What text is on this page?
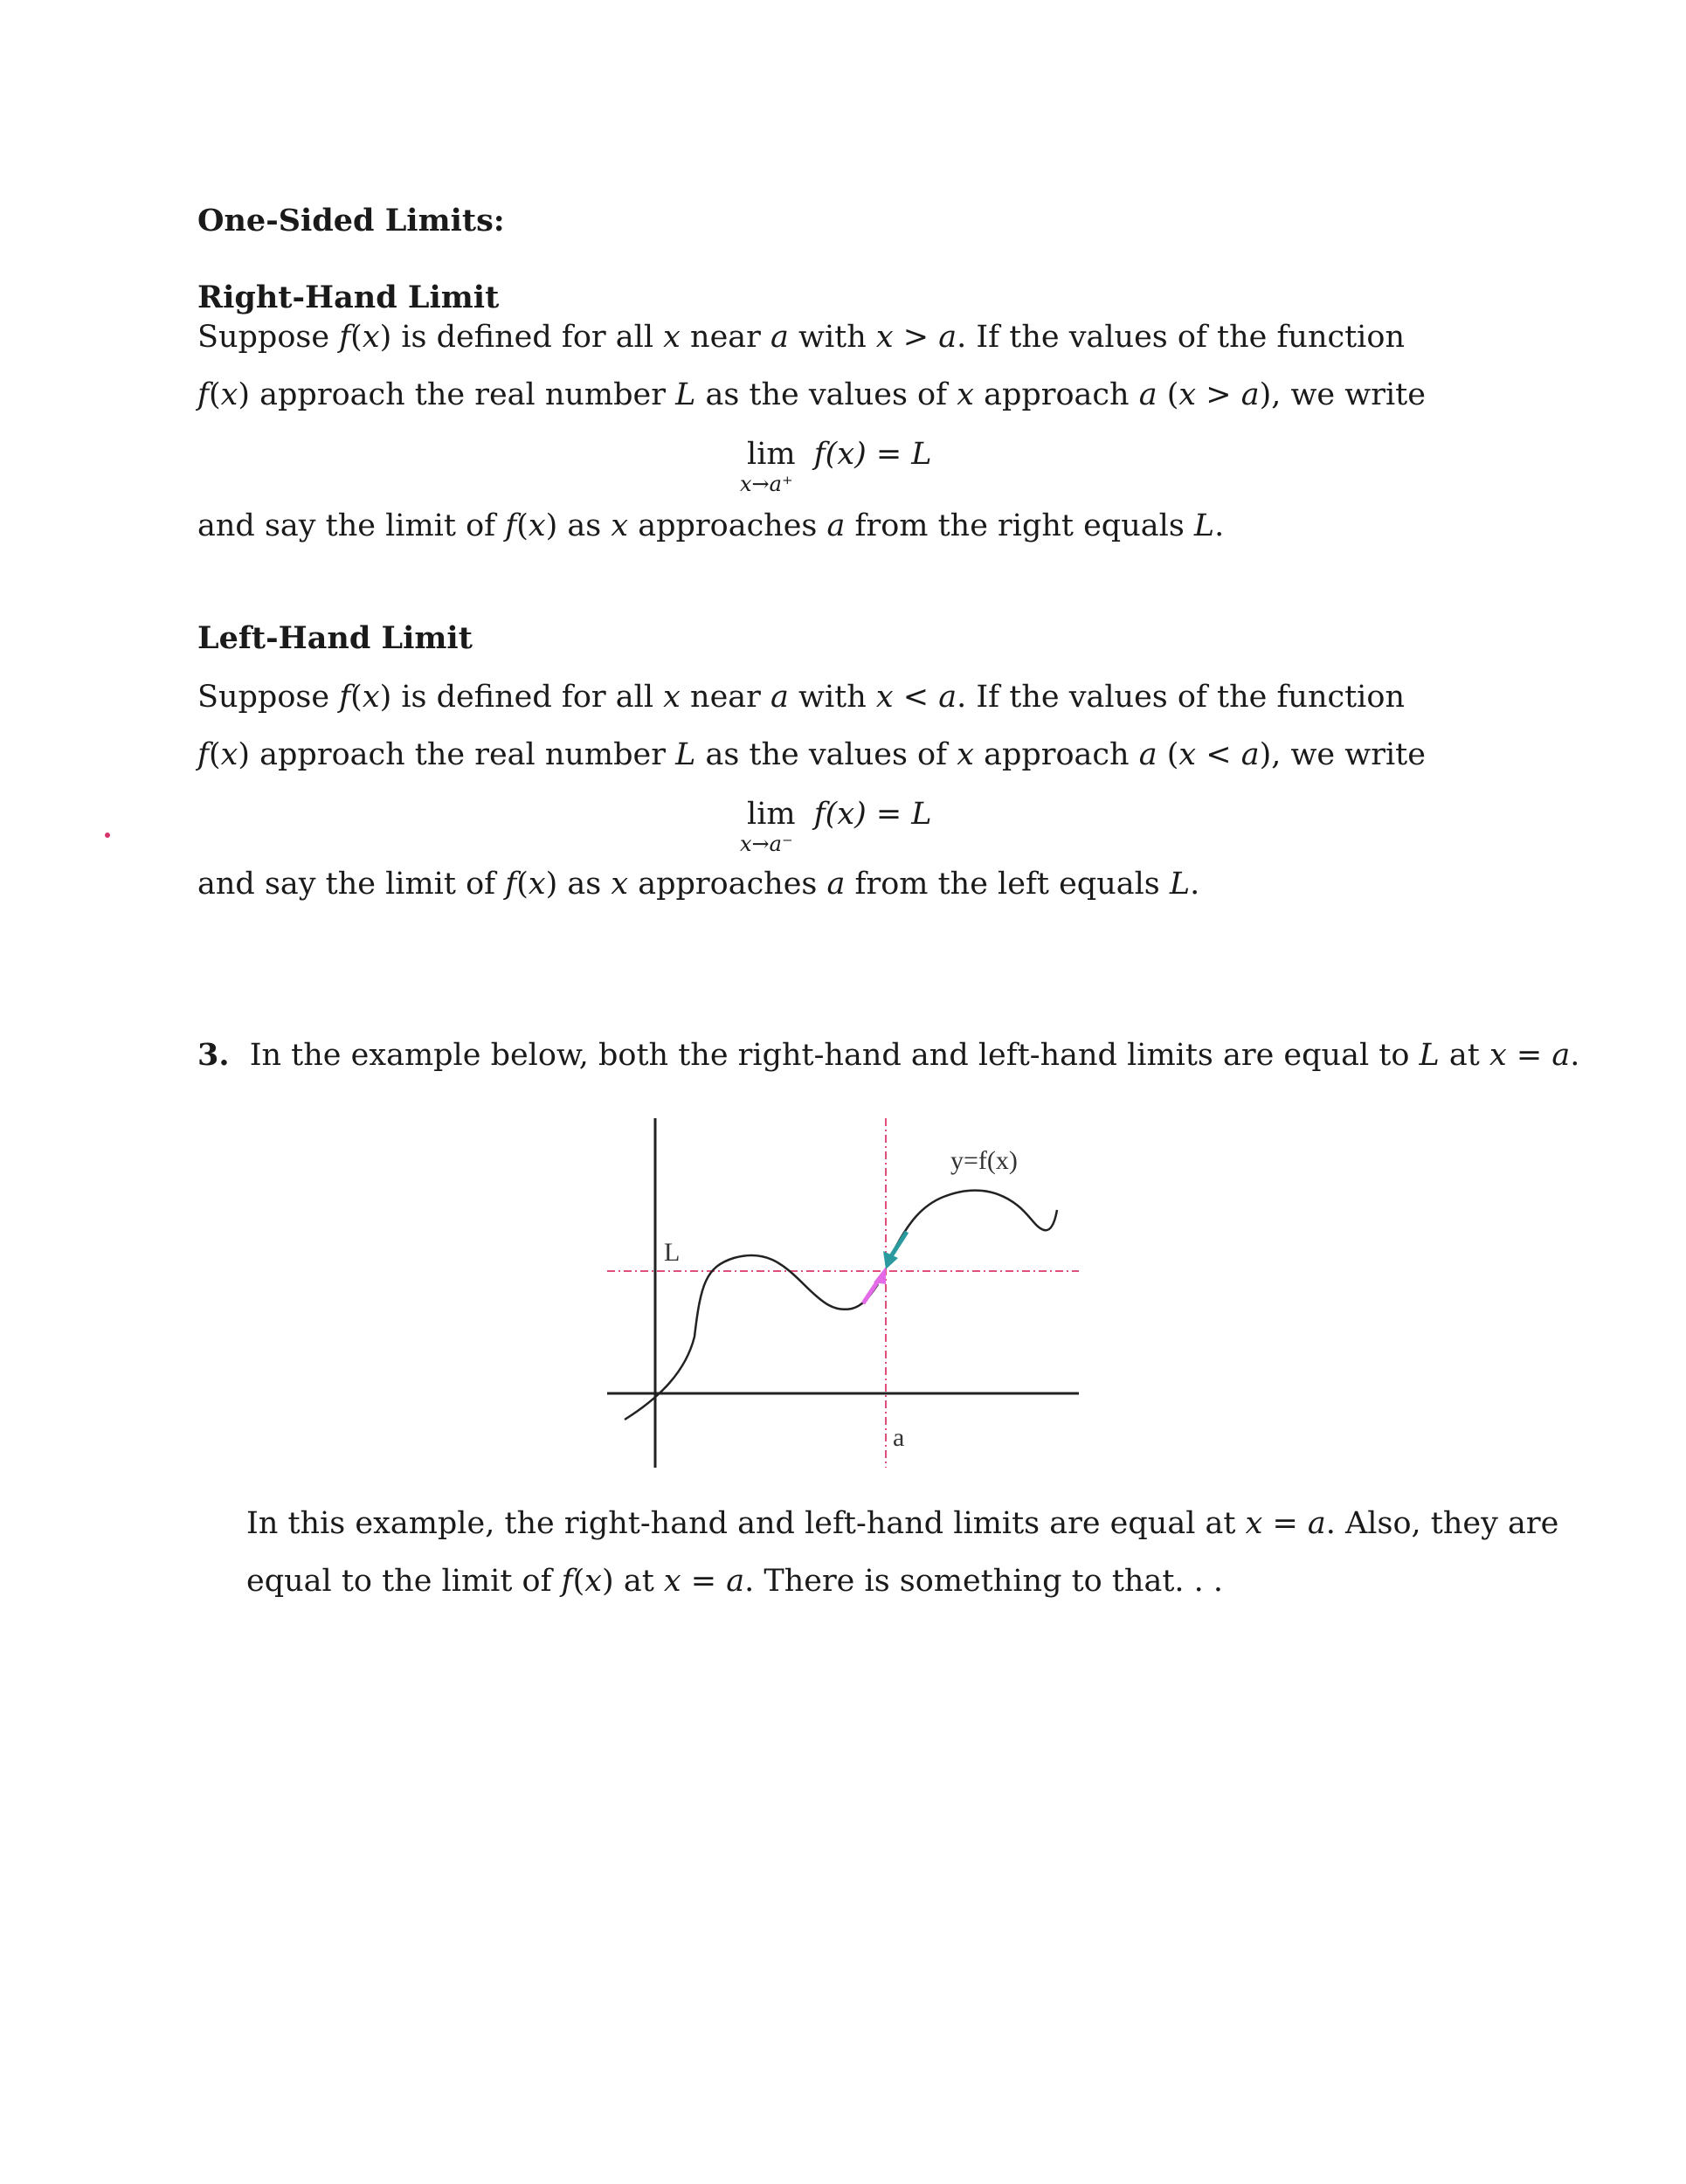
One-Sided Limits:
Right-Hand Limit
Suppose f(x) is defined for all x near a with x > a. If the values of the function
f(x) approach the real number L as the values of x approach a (x > a), we write
lim
x→a⁺
f(x) = L
and say the limit of f(x) as x approaches a from the right equals L.
Left-Hand Limit
Suppose f(x) is defined for all x near a with x < a. If the values of the function
f(x) approach the real number L as the values of x approach a (x < a), we write
lim
x→a⁻
f(x) = L
and say the limit of f(x) as x approaches a from the left equals L.
3. In the example below, both the right-hand and left-hand limits are equal to L at x = a.
L
a
y=f(x)
In this example, the right-hand and left-hand limits are equal at x = a. Also, they are
equal to the limit of f(x) at x = a. There is something to that. . .
